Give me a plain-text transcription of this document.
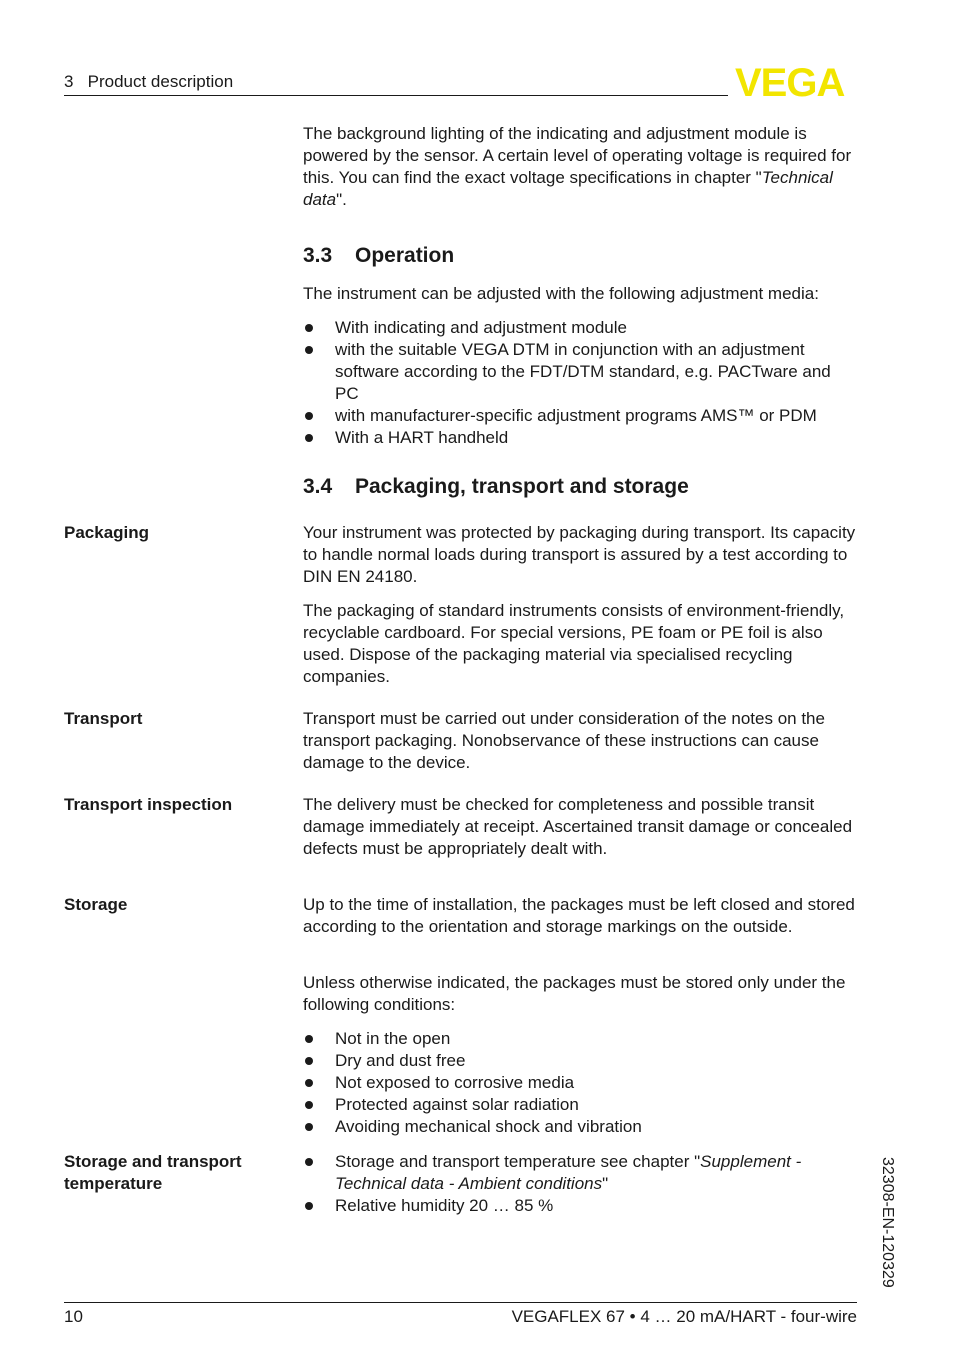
3   Product description	VEGA

The background lighting of the indicating and adjustment module is powered by the sensor. A certain level of operating voltage is required for this. You can find the exact voltage specifications in chapter "Technical data".

3.3 Operation
The instrument can be adjusted with the following adjustment media:
With indicating and adjustment module
with the suitable VEGA DTM in conjunction with an adjustment software according to the FDT/DTM standard, e.g. PACTware and PC
with manufacturer-specific adjustment programs AMS™ or PDM
With a HART handheld
3.4 Packaging, transport and storage
Packaging	Your instrument was protected by packaging during transport. Its capacity to handle normal loads during transport is assured by a test according to DIN EN 24180.
The packaging of standard instruments consists of environment-friendly, recyclable cardboard. For special versions, PE foam or PE foil is also used. Dispose of the packaging material via specialised recycling companies.
Transport	Transport must be carried out under consideration of the notes on the transport packaging. Nonobservance of these instructions can cause damage to the device.
Transport inspection	The delivery must be checked for completeness and possible transit damage immediately at receipt. Ascertained transit damage or concealed defects must be appropriately dealt with.
Storage	Up to the time of installation, the packages must be left closed and stored according to the orientation and storage markings on the outside.
Unless otherwise indicated, the packages must be stored only under the following conditions:
Not in the open
Dry and dust free
Not exposed to corrosive media
Protected against solar radiation
Avoiding mechanical shock and vibration
Storage and transport temperature
Storage and transport temperature see chapter "Supplement - Technical data - Ambient conditions"
Relative humidity 20 … 85 %	32308-EN-120329
10	VEGAFLEX 67 • 4 … 20 mA/HART - four-wire
